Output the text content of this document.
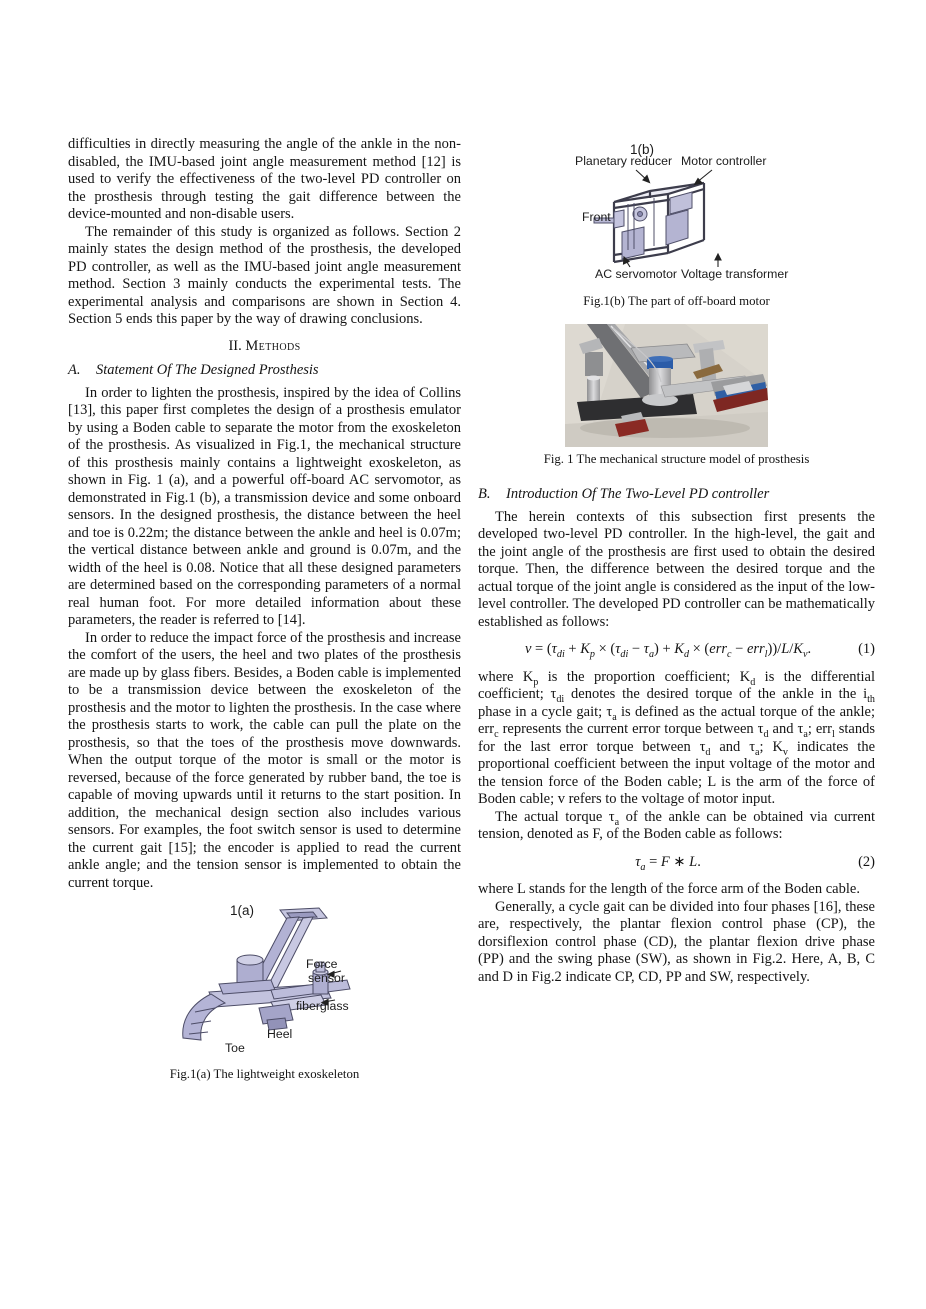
difficulties in directly measuring the angle of the ankle in the non-disabled, the IMU-based joint angle measurement method [12] is used to verify the effectiveness of the two-level PD controller on the prosthesis through testing the gait difference between the device-mounted and non-disable users.

The remainder of this study is organized as follows. Section 2 mainly states the design method of the prosthesis, the developed PD controller, as well as the IMU-based joint angle measurement method. Section 3 mainly conducts the experimental tests. The experimental analysis and comparisons are shown in Section 4. Section 5 ends this paper by the way of drawing conclusions.

II. Methods
A.	Statement Of The Designed Prosthesis

In order to lighten the prosthesis, inspired by the idea of Collins [13], this paper first completes the design of a prosthesis emulator by using a Boden cable to separate the motor from the exoskeleton of the prosthesis. As visualized in Fig.1, the mechanical structure of this prosthesis mainly contains a lightweight exoskeleton, as shown in Fig. 1 (a), and a powerful off-board AC servomotor, as demonstrated in Fig.1 (b), a transmission device and some onboard sensors. In the designed prosthesis, the distance between the heel and toe is 0.22m; the distance between the ankle and heel is 0.07m; the vertical distance between ankle and ground is 0.07m, and the width of the heel is 0.08. Notice that all these designed parameters are determined based on the corresponding parameters of a normal real human foot. For more detailed information about these parameters, the reader is referred to [14].

In order to reduce the impact force of the prosthesis and increase the comfort of the users, the heel and two plates of the prosthesis are made up by glass fibers. Besides, a Boden cable is implemented to be a transmission device between the exoskeleton of the prosthesis and the motor to lighten the prosthesis. In the case where the prosthesis starts to work, the cable can pull the plate on the prosthesis, so that the toes of the prosthesis move downwards. When the output torque of the motor is small or the motor is reversed, because of the force generated by rubber band, the toe is capable of moving upwards until it returns to the start position. In addition, the mechanical design section also includes various sensors. For examples, the foot switch sensor is used to determine the current gait [15]; the encoder is applied to read the current ankle angle; and the tension sensor is implemented to obtain the current torque.

1(a)
Force
sensor
fiberglass
Heel
Toe
Fig.1(a) The lightweight exoskeleton
1(b)
Planetary reducer Motor controller
Front
AC servomotor Voltage transformer
Fig.1(b) The part of off-board motor
Fig. 1 The mechanical structure model of prosthesis
B.	Introduction Of The Two-Level PD controller

The herein contexts of this subsection first presents the developed two-level PD controller. In the high-level, the gait and the joint angle of the prosthesis are first used to obtain the desired torque. Then, the difference between the desired torque and the actual torque of the joint angle is considered as the input of the low-level controller. The developed PD controller can be mathematically established as follows:

$v = (\tau_{di} + K_p \times (\tau_{di} - \tau_a) + K_d \times (err_c - err_l))/L/K_v$.	(1)

where $K_p$ is the proportion coefficient; $K_d$ is the differential coefficient; $\tau_{di}$ denotes the desired torque of the ankle in the $i_{th}$ phase in a cycle gait; $\tau_a$ is defined as the actual torque of the ankle; err$_c$ represents the current error torque between $\tau_d$ and $\tau_a$; err$_l$ stands for the last error torque between $\tau_d$ and $\tau_a$; $K_v$ indicates the proportional coefficient between the input voltage of the motor and the tension force of the Boden cable; L is the arm of the force of Boden cable; v refers to the voltage of motor input.

The actual torque $\tau_a$ of the ankle can be obtained via current tension, denoted as F, of the Boden cable as follows:

$\tau_a = F$ ∗ L.	(2)

where L stands for the length of the force arm of the Boden cable.

Generally, a cycle gait can be divided into four phases [16], these are, respectively, the plantar flexion control phase (CP), the dorsiflexion control phase (CD), the plantar flexion drive phase (PP) and the swing phase (SW), as shown in Fig.2. Here, A, B, C and D in Fig.2 indicate CP, CD, PP and SW, respectively.
